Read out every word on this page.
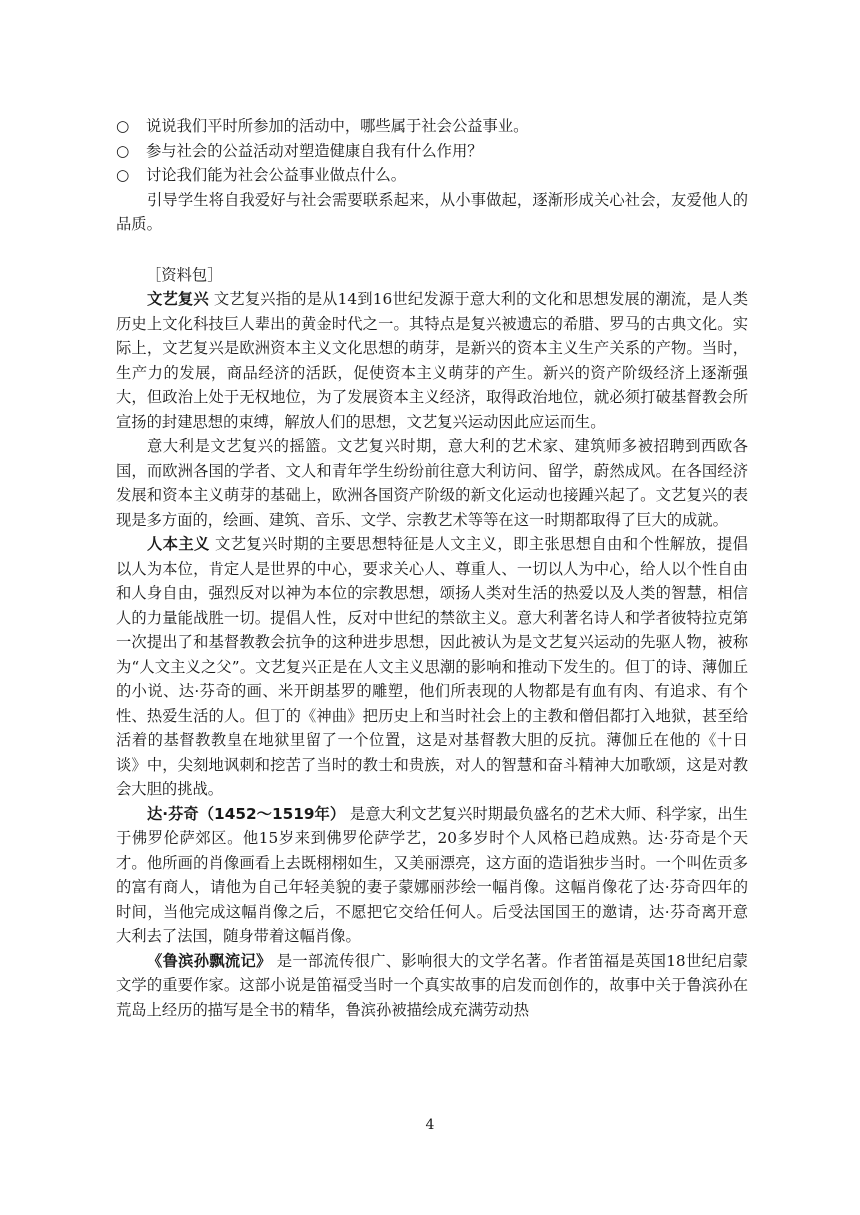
○	说说我们平时所参加的活动中，哪些属于社会公益事业。
○	参与社会的公益活动对塑造健康自我有什么作用？
○	讨论我们能为社会公益事业做点什么。

引导学生将自我爱好与社会需要联系起来，从小事做起，逐渐形成关心社会，友爱他人的品质。

［资料包］

文艺复兴 文艺复兴指的是从14到16世纪发源于意大利的文化和思想发展的潮流，是人类历史上文化科技巨人辈出的黄金时代之一。其特点是复兴被遗忘的希腊、罗马的古典文化。实际上，文艺复兴是欧洲资本主义文化思想的萌芽，是新兴的资本主义生产关系的产物。当时，生产力的发展，商品经济的活跃，促使资本主义萌芽的产生。新兴的资产阶级经济上逐渐强大，但政治上处于无权地位，为了发展资本主义经济，取得政治地位，就必须打破基督教会所宣扬的封建思想的束缚，解放人们的思想，文艺复兴运动因此应运而生。

意大利是文艺复兴的摇篮。文艺复兴时期，意大利的艺术家、建筑师多被招聘到西欧各国，而欧洲各国的学者、文人和青年学生纷纷前往意大利访问、留学，蔚然成风。在各国经济发展和资本主义萌芽的基础上，欧洲各国资产阶级的新文化运动也接踵兴起了。文艺复兴的表现是多方面的，绘画、建筑、音乐、文学、宗教艺术等等在这一时期都取得了巨大的成就。

人本主义 文艺复兴时期的主要思想特征是人文主义，即主张思想自由和个性解放，提倡以人为本位，肯定人是世界的中心，要求关心人、尊重人、一切以人为中心，给人以个性自由和人身自由，强烈反对以神为本位的宗教思想，颂扬人类对生活的热爱以及人类的智慧，相信人的力量能战胜一切。提倡人性，反对中世纪的禁欲主义。意大利著名诗人和学者彼特拉克第一次提出了和基督教教会抗争的这种进步思想，因此被认为是文艺复兴运动的先驱人物，被称为“人文主义之父”。文艺复兴正是在人文主义思潮的影响和推动下发生的。但丁的诗、薄伽丘的小说、达·芬奇的画、米开朗基罗的雕塑，他们所表现的人物都是有血有肉、有追求、有个性、热爱生活的人。但丁的《神曲》把历史上和当时社会上的主教和僧侣都打入地狱，甚至给活着的基督教教皇在地狱里留了一个位置，这是对基督教大胆的反抗。薄伽丘在他的《十日谈》中，尖刻地讽刺和挖苦了当时的教士和贵族，对人的智慧和奋斗精神大加歌颂，这是对教会大胆的挑战。

达·芬奇（1452～1519年） 是意大利文艺复兴时期最负盛名的艺术大师、科学家，出生于佛罗伦萨郊区。他15岁来到佛罗伦萨学艺，20多岁时个人风格已趋成熟。达·芬奇是个天才。他所画的肖像画看上去既栩栩如生，又美丽漂亮，这方面的造诣独步当时。一个叫佐贡多的富有商人，请他为自己年轻美貌的妻子蒙娜丽莎绘一幅肖像。这幅肖像花了达·芬奇四年的时间，当他完成这幅肖像之后，不愿把它交给任何人。后受法国国王的邀请，达·芬奇离开意大利去了法国，随身带着这幅肖像。

《鲁滨孙飘流记》 是一部流传很广、影响很大的文学名著。作者笛福是英国18世纪启蒙文学的重要作家。这部小说是笛福受当时一个真实故事的启发而创作的，故事中关于鲁滨孙在荒岛上经历的描写是全书的精华，鲁滨孙被描绘成充满劳动热

4
